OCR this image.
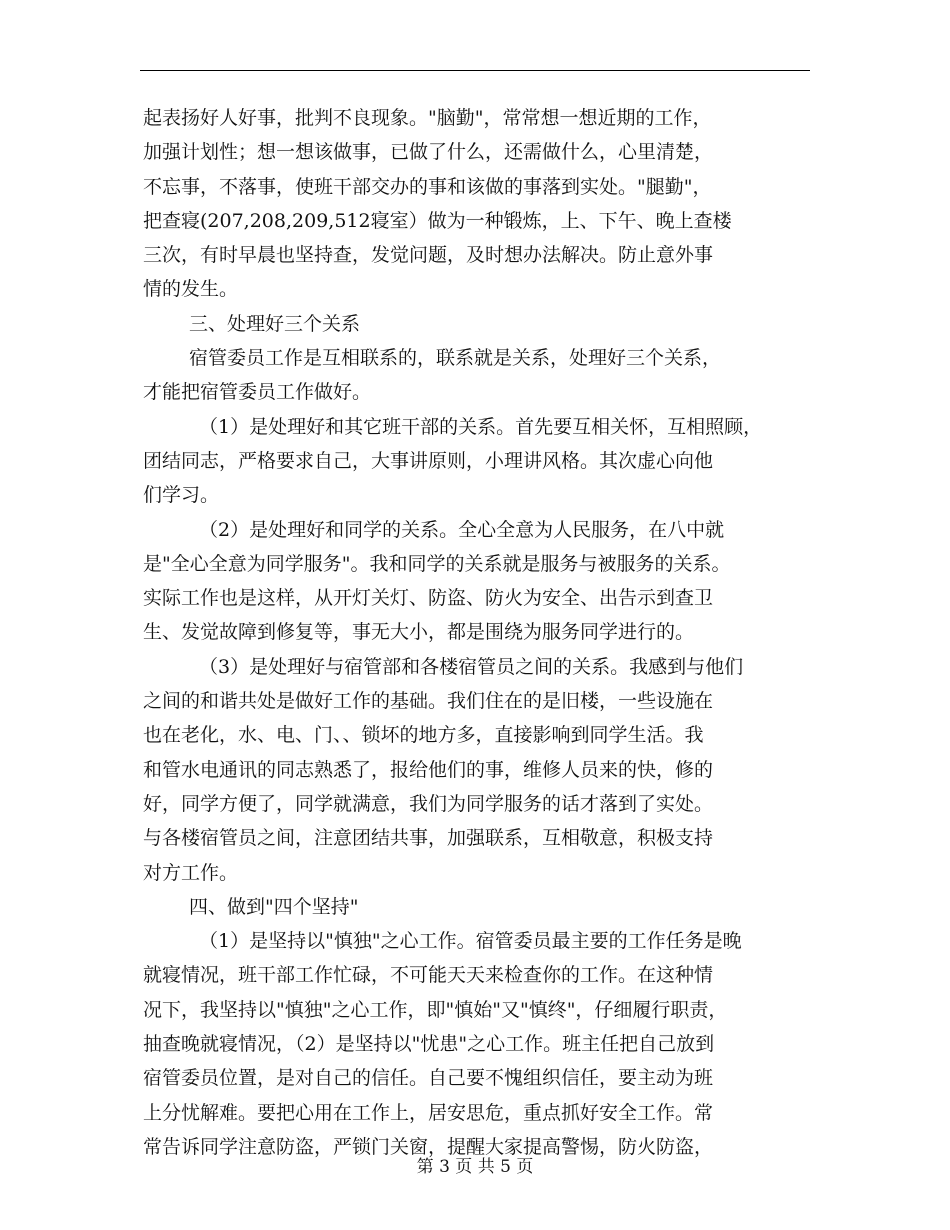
起表扬好人好事，批判不良现象。"脑勤"，常常想一想近期的工作，
加强计划性；想一想该做事，已做了什么，还需做什么，心里清楚，
不忘事，不落事，使班干部交办的事和该做的事落到实处。"腿勤"，
把查寝(207,208,209,512寝室）做为一种锻炼，上、下午、晚上查楼
三次，有时早晨也坚持查，发觉问题，及时想办法解决。防止意外事
情的发生。
三、处理好三个关系
宿管委员工作是互相联系的，联系就是关系，处理好三个关系，
才能把宿管委员工作做好。
（1）是处理好和其它班干部的关系。首先要互相关怀，互相照顾，
团结同志，严格要求自己，大事讲原则，小理讲风格。其次虚心向他
们学习。
（2）是处理好和同学的关系。全心全意为人民服务，在八中就
是"全心全意为同学服务"。我和同学的关系就是服务与被服务的关系。
实际工作也是这样，从开灯关灯、防盗、防火为安全、出告示到查卫
生、发觉故障到修复等，事无大小，都是围绕为服务同学进行的。
（3）是处理好与宿管部和各楼宿管员之间的关系。我感到与他们
之间的和谐共处是做好工作的基础。我们住在的是旧楼，一些设施在
也在老化，水、电、门、、锁坏的地方多，直接影响到同学生活。我
和管水电通讯的同志熟悉了，报给他们的事，维修人员来的快，修的
好，同学方便了，同学就满意，我们为同学服务的话才落到了实处。
与各楼宿管员之间，注意团结共事，加强联系，互相敬意，积极支持
对方工作。
四、做到"四个坚持"
（1）是坚持以"慎独"之心工作。宿管委员最主要的工作任务是晚
就寝情况，班干部工作忙碌，不可能天天来检查你的工作。在这种情
况下，我坚持以"慎独"之心工作，即"慎始"又"慎终"，仔细履行职责，
抽查晚就寝情况，（2）是坚持以"忧患"之心工作。班主任把自己放到
宿管委员位置，是对自己的信任。自己要不愧组织信任，要主动为班
上分忧解难。要把心用在工作上，居安思危，重点抓好安全工作。常
常告诉同学注意防盗，严锁门关窗，提醒大家提高警惕，防火防盗，
第 3 页 共 5 页
